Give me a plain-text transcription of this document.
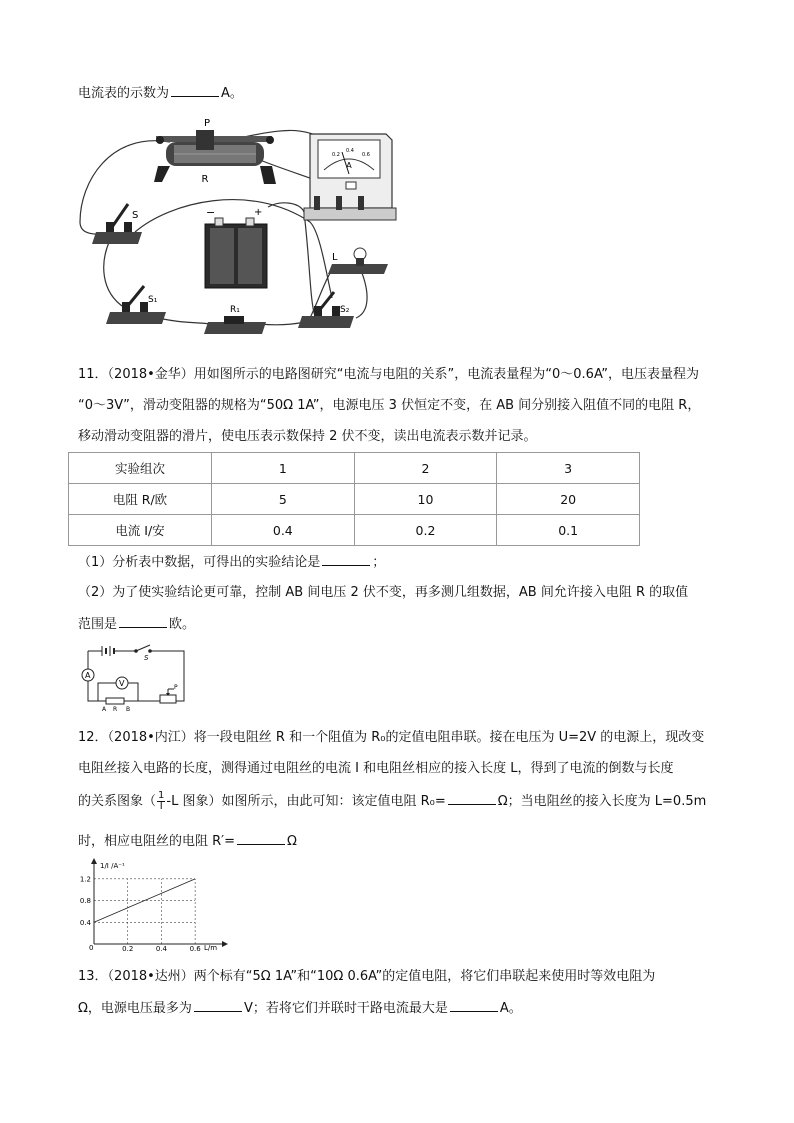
电流表的示数为	A。
P
R
A
0.2
0.4
0.6
S	−	+
L
S₁
R₁	S₂
11．（2018•金华）用如图所示的电路图研究“电流与电阻的关系”，电流表量程为“0～0.6A”，电压表量程为
“0～3V”，滑动变阻器的规格为“50Ω 1A”，电源电压 3 伏恒定不变，在 AB 间分别接入阻值不同的电阻 R，
移动滑动变阻器的滑片，使电压表示数保持 2 伏不变，读出电流表示数并记录。
实验组次	1	2	3
电阻 R/欧	5	10	20
电流 I/安	0.4	0.2	0.1
（1）分析表中数据，可得出的实验结论是	；
（2）为了使实验结论更可靠，控制 AB 间电压 2 伏不变，再多测几组数据，AB 间允许接入电阻 R 的取值
范围是	欧。
A
V
S
A R B
P
12．（2018•内江）将一段电阻丝 R 和一个阻值为 R₀的定值电阻串联。接在电压为 U=2V 的电源上，现改变
电阻丝接入电路的长度，测得通过电阻丝的电流 I 和电阻丝相应的接入长度 L，得到了电流的倒数与长度
的关系图象（ $\frac{1}{I} -L$ 图象）如图所示，由此可知：该定值电阻 R₀=	Ω；当电阻丝的接入长度为 L=0.5m
时，相应电阻丝的电阻 R′=	Ω
0.4
0.8
1.2
0.2	0.4	0.6
1/I /A⁻¹
L/m
0
13．（2018•达州）两个标有“5Ω 1A”和“10Ω 0.6A”的定值电阻，将它们串联起来使用时等效电阻为
Ω，电源电压最多为	V；若将它们并联时干路电流最大是	A。
